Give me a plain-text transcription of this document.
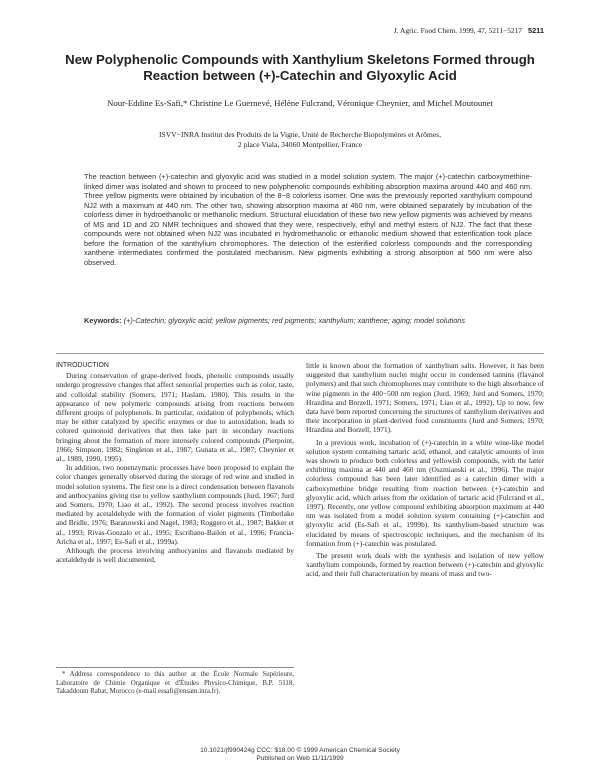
J. Agric. Food Chem. 1999, 47, 5211−5217 5211
New Polyphenolic Compounds with Xanthylium Skeletons Formed through Reaction between (+)-Catechin and Glyoxylic Acid
Nour-Eddine Es-Safi,* Christine Le Guernevé, Hélène Fulcrand, Véronique Cheynier, and Michel Moutounet
ISVV−INRA Institut des Produits de la Vigne, Unité de Recherche Biopolymères et Arômes,
2 place Viala, 34060 Montpellier, France
The reaction between (+)-catechin and glyoxylic acid was studied in a model solution system. The major (+)-catechin carboxymethine-linked dimer was isolated and shown to proceed to new polyphenolic compounds exhibiting absorption maxima around 440 and 460 nm. Three yellow pigments were obtained by incubation of the 8−8 colorless isomer. One was the previously reported xanthylium compound NJ2 with a maximum at 440 nm. The other two, showing absorption maxima at 460 nm, were obtained separately by incubation of the colorless dimer in hydroethanolic or methanolic medium. Structural elucidation of these two new yellow pigments was achieved by means of MS and 1D and 2D NMR techniques and showed that they were, respectively, ethyl and methyl esters of NJ2. The fact that these compounds were not obtained when NJ2 was incubated in hydromethanolic or ethanolic medium showed that esterification took place before the formation of the xanthylium chromophores. The detection of the esterified colorless compounds and the corresponding xanthene intermediates confirmed the postulated mechanism. New pigments exhibiting a strong absorption at 560 nm were also observed.
Keywords: (+)-Catechin; glyoxylic acid; yellow pigments; red pigments; xanthylium; xanthene; aging; model solutions

INTRODUCTION

During conservation of grape-derived foods, phenolic compounds usually undergo progressive changes that affect sensorial properties such as color, taste, and colloidal stability (Somers, 1971; Haslam, 1980). This results in the appearance of new polymeric compounds arising from reactions between different groups of polyphenols. In particular, oxidation of polyphenols, which may be either catalyzed by specific enzymes or due to autoxidation, leads to colored quinonoid derivatives that then take part in secondary reactions bringing about the formation of more intensely colored compounds (Pierpoint, 1966; Simpson, 1982; Singleton et al., 1987; Gunata et al., 1987; Cheynier et al., 1989, 1990, 1995).

In addition, two nonenzymatic processes have been proposed to explain the color changes generally observed during the storage of red wine and studied in model solution systems. The first one is a direct condensation between flavanols and anthocyanins giving rise to yellow xanthylium compounds (Jurd, 1967; Jurd and Somers, 1970; Liao et al., 1992). The second process involves reaction mediated by acetaldehyde with the formation of violet pigments (Timberlake and Bridle, 1976; Baranowski and Nagel, 1983; Roggero et al., 1987; Bakker et al., 1993; Rivas-Gonzalo et al., 1995; Escribano-Bailon et al., 1996; Francia-Aricha et al., 1997; Es-Safi et al., 1999a).

Although the process involving anthocyanins and flavanols mediated by acetaldehyde is well documented,

* Address correspondence to this author at the École Normale Supérieure, Laboratoire de Chimie Organique et d'Études Physico-Chimique, B.P. 5118, Takaddoum Rabat, Morocco (e-mail essafi@ensam.inra.fr).

little is known about the formation of xanthylium salts. However, it has been suggested that xanthylium nuclei might occur in condensed tannins (flavanol polymers) and that such chromophores may contribute to the high absorbance of wine pigments in the 400−500 nm region (Jurd, 1969; Jurd and Somers, 1970; Hrazdina and Borzell, 1971; Somers, 1971; Liao et al., 1992). Up to now, few data have been reported concerning the structures of xanthylium derivatives and their incorporation in plant-derived food constituents (Jurd and Somers, 1970; Hrazdina and Borzell, 1971).

In a previous work, incubation of (+)-catechin in a white wine-like model solution system containing tartaric acid, ethanol, and catalytic amounts of iron was shown to produce both colorless and yellowish compounds, with the latter exhibiting maxima at 440 and 460 nm (Oszmianski et al., 1996). The major colorless compound has been later identified as a catechin dimer with a carboxymethine bridge resulting from reaction between (+)-catechin and glyoxylic acid, which arises from the oxidation of tartaric acid (Fulcrand et al., 1997). Recently, one yellow compound exhibiting absorption maximum at 440 nm was isolated from a model solution system containing (+)-catechin and glyoxylic acid (Es-Safi et al., 1999b). Its xanthylium-based structure was elucidated by means of spectroscopic techniques, and the mechanism of its formation from (+)-catechin was postulated.

The present work deals with the synthesis and isolation of new yellow xanthylium compounds, formed by reaction between (+)-catechin and glyoxylic acid, and their full characterization by means of mass and two-

10.1021/jf990424g CCC: $18.00 © 1999 American Chemical Society
Published on Web 11/11/1999
